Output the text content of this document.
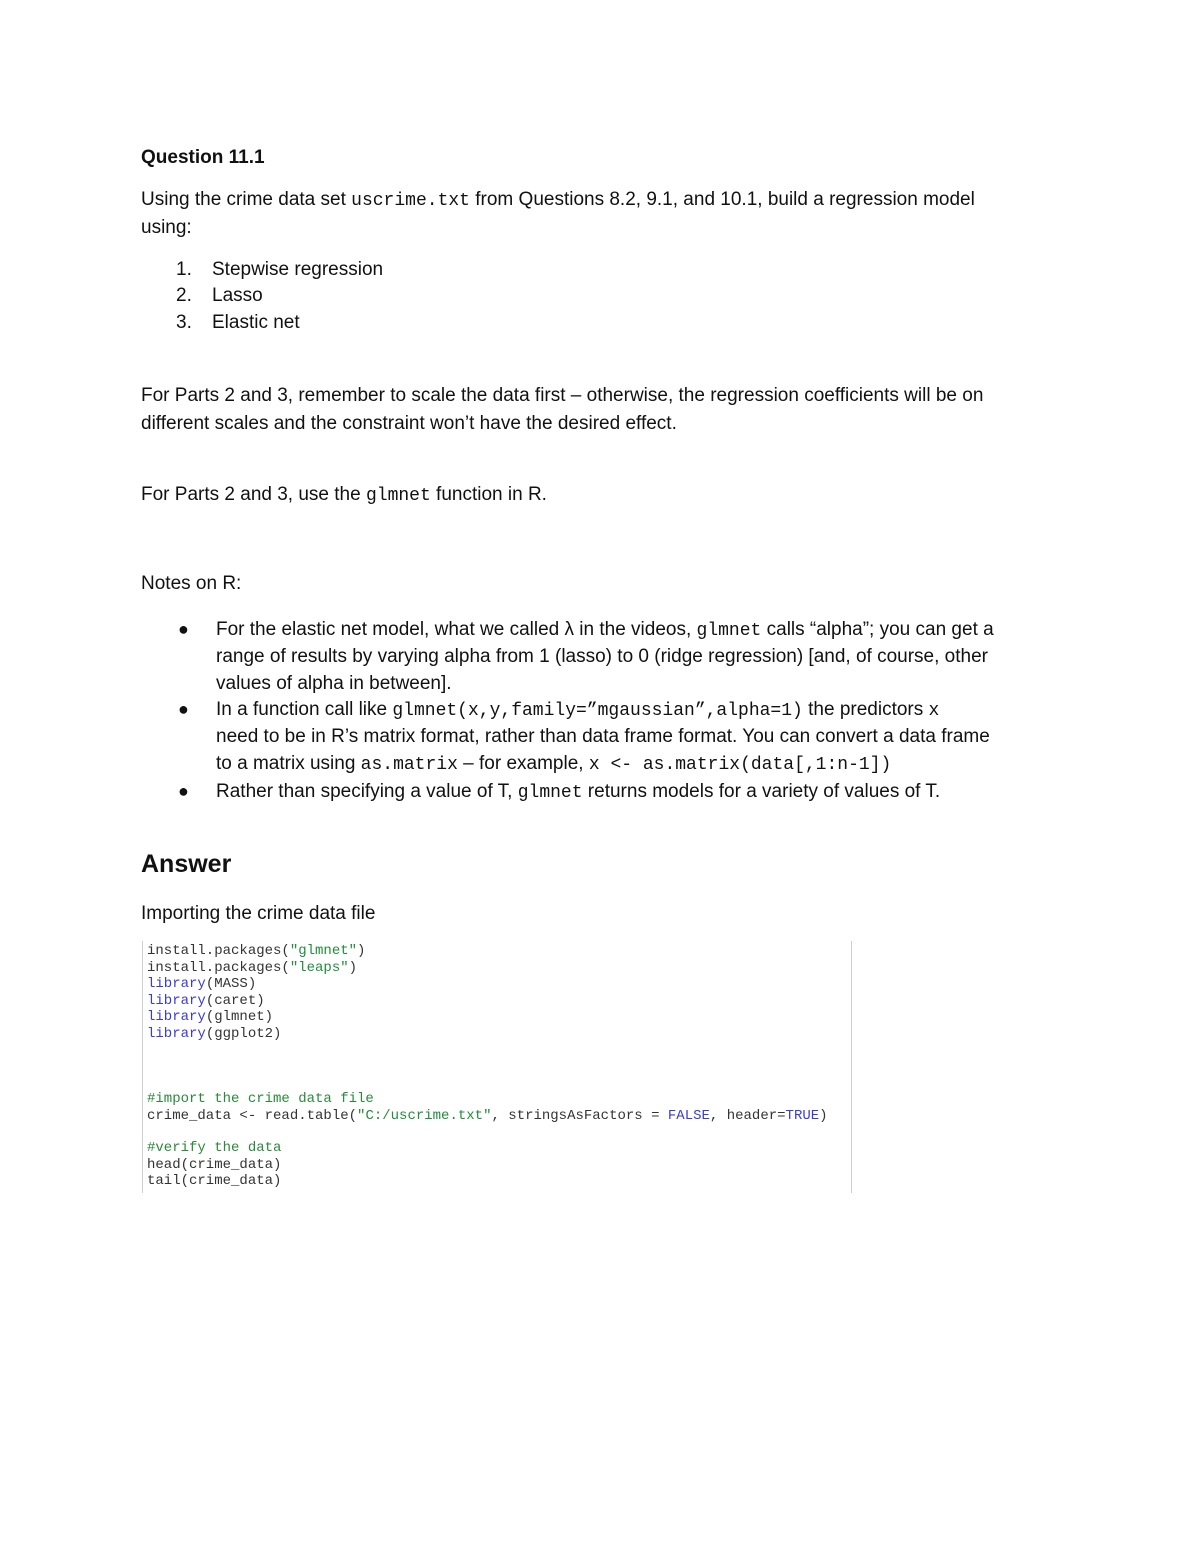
Question 11.1
Using the crime data set uscrime.txt from Questions 8.2, 9.1, and 10.1, build a regression model
using:
1. Stepwise regression
2. Lasso
3. Elastic net
For Parts 2 and 3, remember to scale the data first – otherwise, the regression coefficients will be on
different scales and the constraint won’t have the desired effect.
For Parts 2 and 3, use the glmnet function in R.
Notes on R:
● For the elastic net model, what we called λ in the videos, glmnet calls “alpha”; you can get a
range of results by varying alpha from 1 (lasso) to 0 (ridge regression) [and, of course, other
values of alpha in between].
● In a function call like glmnet(x,y,family=”mgaussian”,alpha=1) the predictors x
need to be in R’s matrix format, rather than data frame format. You can convert a data frame
to a matrix using as.matrix – for example, x <- as.matrix(data[,1:n-1])
● Rather than specifying a value of T, glmnet returns models for a variety of values of T.
Answer
Importing the crime data file
install.packages("glmnet")
install.packages("leaps")
library(MASS)
library(caret)
library(glmnet)
library(ggplot2)
#import the crime data file
crime_data <- read.table("C:/uscrime.txt", stringsAsFactors = FALSE, header=TRUE)
#verify the data
head(crime_data)
tail(crime_data)
